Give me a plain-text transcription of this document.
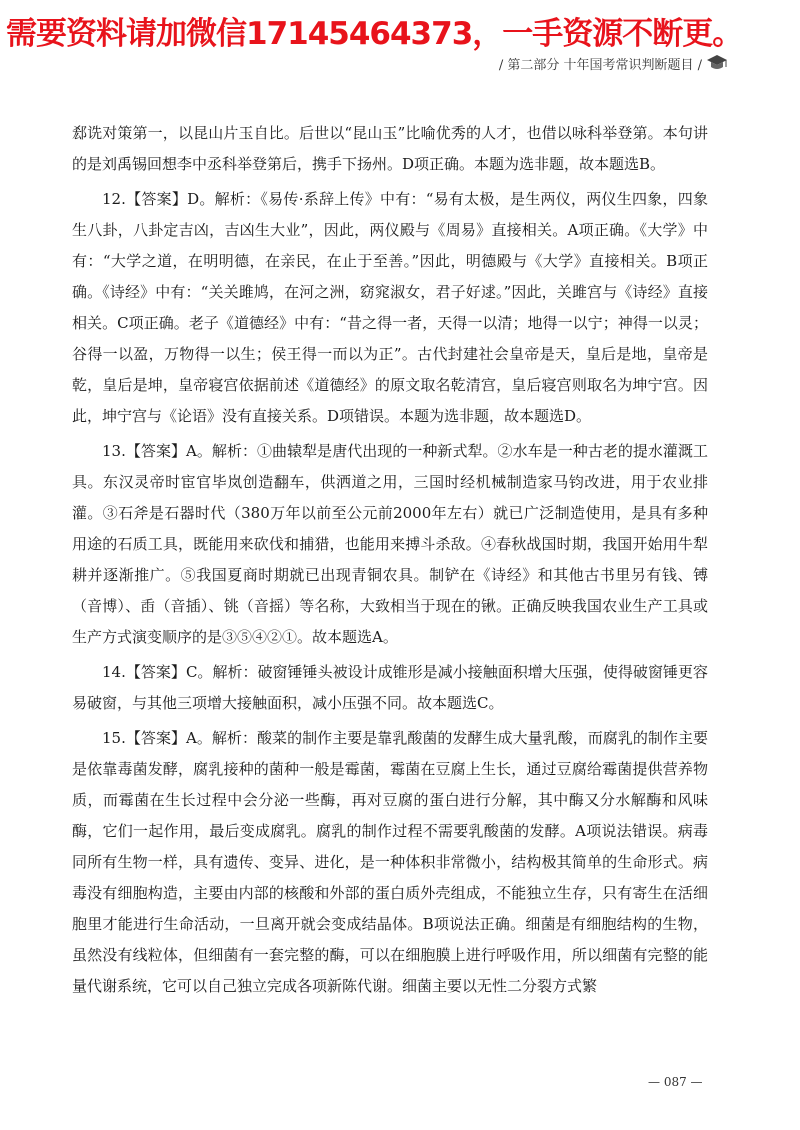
需要资料请加微信17145464373，一手资源不断更。
/ 第二部分 十年国考常识判断题目 /

郄诜对策第一，以昆山片玉自比。后世以“昆山玉”比喻优秀的人才，也借以咏科举登第。本句讲的是刘禹锡回想李中丞科举登第后，携手下扬州。D项正确。本题为选非题，故本题选B。

12.【答案】D。解析：《易传·系辞上传》中有：“易有太极，是生两仪，两仪生四象，四象生八卦，八卦定吉凶，吉凶生大业”，因此，两仪殿与《周易》直接相关。A项正确。《大学》中有：“大学之道，在明明德，在亲民，在止于至善。”因此，明德殿与《大学》直接相关。B项正确。《诗经》中有：“关关雎鸠，在河之洲，窈窕淑女，君子好逑。”因此，关雎宫与《诗经》直接相关。C项正确。老子《道德经》中有：“昔之得一者，天得一以清；地得一以宁；神得一以灵；谷得一以盈，万物得一以生；侯王得一而以为正”。古代封建社会皇帝是天，皇后是地，皇帝是乾，皇后是坤，皇帝寝宫依据前述《道德经》的原文取名乾清宫，皇后寝宫则取名为坤宁宫。因此，坤宁宫与《论语》没有直接关系。D项错误。本题为选非题，故本题选D。

13.【答案】A。解析：①曲辕犁是唐代出现的一种新式犁。②水车是一种古老的提水灌溉工具。东汉灵帝时宦官毕岚创造翻车，供洒道之用，三国时经机械制造家马钧改进，用于农业排灌。③石斧是石器时代（380万年以前至公元前2000年左右）就已广泛制造使用，是具有多种用途的石质工具，既能用来砍伐和捕猎，也能用来搏斗杀敌。④春秋战国时期，我国开始用牛犁耕并逐渐推广。⑤我国夏商时期就已出现青铜农具。制铲在《诗经》和其他古书里另有钱、镈（音博）、臿（音插）、铫（音摇）等名称，大致相当于现在的锹。正确反映我国农业生产工具或生产方式演变顺序的是③⑤④②①。故本题选A。

14.【答案】C。解析：破窗锤锤头被设计成锥形是减小接触面积增大压强，使得破窗锤更容易破窗，与其他三项增大接触面积，减小压强不同。故本题选C。

15.【答案】A。解析：酸菜的制作主要是靠乳酸菌的发酵生成大量乳酸，而腐乳的制作主要是依靠毒菌发酵，腐乳接种的菌种一般是霉菌，霉菌在豆腐上生长，通过豆腐给霉菌提供营养物质，而霉菌在生长过程中会分泌一些酶，再对豆腐的蛋白进行分解，其中酶又分水解酶和风味酶，它们一起作用，最后变成腐乳。腐乳的制作过程不需要乳酸菌的发酵。A项说法错误。病毒同所有生物一样，具有遗传、变异、进化，是一种体积非常微小，结构极其简单的生命形式。病毒没有细胞构造，主要由内部的核酸和外部的蛋白质外壳组成，不能独立生存，只有寄生在活细胞里才能进行生命活动，一旦离开就会变成结晶体。B项说法正确。细菌是有细胞结构的生物，虽然没有线粒体，但细菌有一套完整的酶，可以在细胞膜上进行呼吸作用，所以细菌有完整的能量代谢系统，它可以自己独立完成各项新陈代谢。细菌主要以无性二分裂方式繁

— 087 —
